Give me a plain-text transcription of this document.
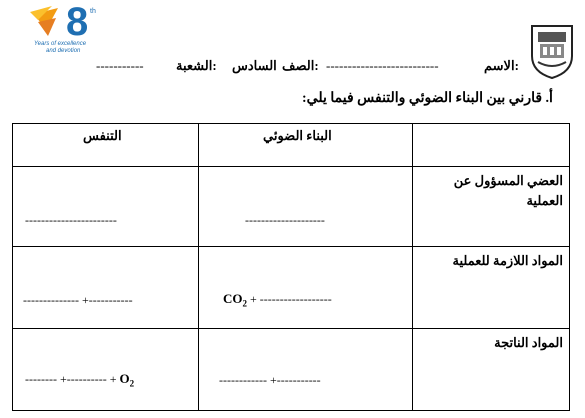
8 th
Years of excellence
and devotion
الاسم:
--------------------------
الصف:
السادس
الشعبة:
-----------
أ. قارني بين البناء الضوئي والتنفس فيما يلي:
التنفس	البناء الضوئي	

-----------------------	--------------------	العضي المسؤول عن العملية

-------------- +-----------	$CO_2$ + ------------------	المواد اللازمة للعملية

-------- +---------- + $O_2$	------------ +-----------	المواد الناتجة
